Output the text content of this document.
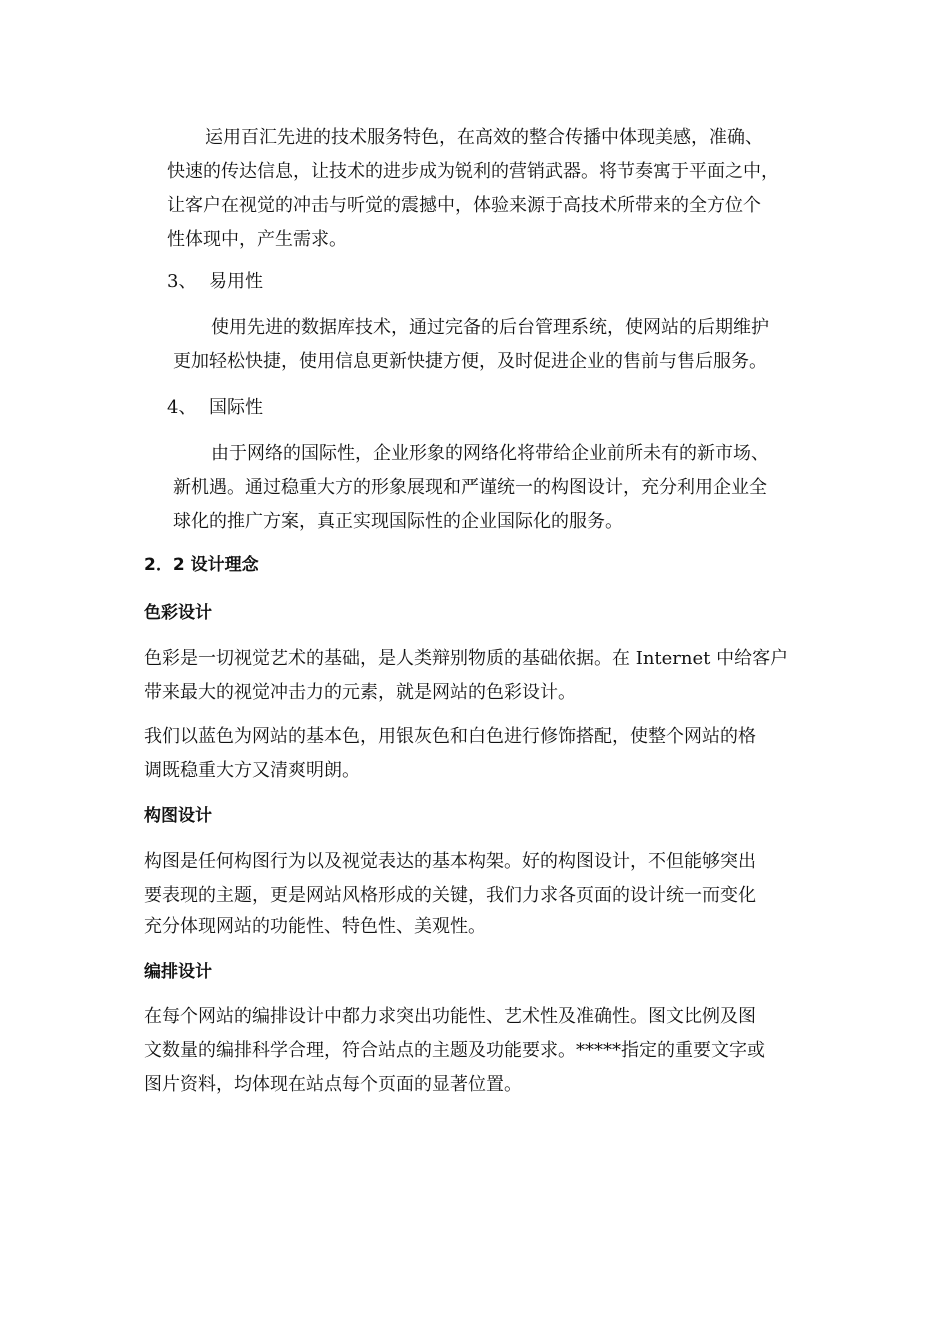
运用百汇先进的技术服务特色，在高效的整合传播中体现美感，准确、
快速的传达信息，让技术的进步成为锐利的营销武器。将节奏寓于平面之中，
让客户在视觉的冲击与听觉的震撼中，体验来源于高技术所带来的全方位个
性体现中，产生需求。
3、 易用性
使用先进的数据库技术，通过完备的后台管理系统，使网站的后期维护
更加轻松快捷，使用信息更新快捷方便，及时促进企业的售前与售后服务。
4、 国际性
由于网络的国际性，企业形象的网络化将带给企业前所未有的新市场、
新机遇。通过稳重大方的形象展现和严谨统一的构图设计，充分利用企业全
球化的推广方案，真正实现国际性的企业国际化的服务。
2．2 设计理念
色彩设计
色彩是一切视觉艺术的基础，是人类辩别物质的基础依据。在 Internet 中给客户
带来最大的视觉冲击力的元素，就是网站的色彩设计。
我们以蓝色为网站的基本色，用银灰色和白色进行修饰搭配，使整个网站的格
调既稳重大方又清爽明朗。
构图设计
构图是任何构图行为以及视觉表达的基本构架。好的构图设计，不但能够突出
要表现的主题，更是网站风格形成的关键，我们力求各页面的设计统一而变化
充分体现网站的功能性、特色性、美观性。
编排设计
在每个网站的编排设计中都力求突出功能性、艺术性及准确性。图文比例及图
文数量的编排科学合理，符合站点的主题及功能要求。*****指定的重要文字或
图片资料，均体现在站点每个页面的显著位置。
